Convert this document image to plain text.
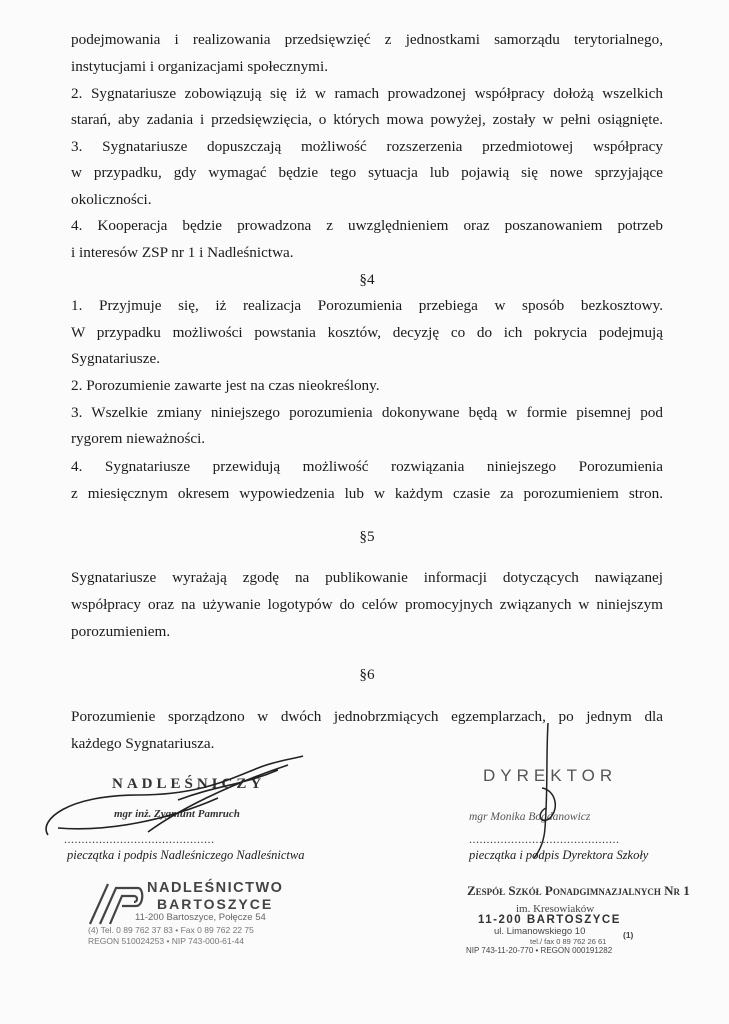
podejmowania i realizowania przedsięwzięć z jednostkami samorządu terytorialnego,
instytucjami i organizacjami społecznymi.
2. Sygnatariusze zobowiązują się iż w ramach prowadzonej współpracy dołożą wszelkich
starań, aby zadania i przedsięwzięcia, o których mowa powyżej, zostały w pełni osiągnięte.
3. Sygnatariusze dopuszczają możliwość rozszerzenia przedmiotowej współpracy
w przypadku, gdy wymagać będzie tego sytuacja lub pojawią się nowe sprzyjające
okoliczności.
4. Kooperacja będzie prowadzona z uwzględnieniem oraz poszanowaniem potrzeb
i interesów ZSP nr 1 i Nadleśnictwa.
§4
1. Przyjmuje się, iż realizacja Porozumienia przebiega w sposób bezkosztowy.
W przypadku możliwości powstania kosztów, decyzję co do ich pokrycia podejmują
Sygnatariusze.
2. Porozumienie zawarte jest na czas nieokreślony.
3. Wszelkie zmiany niniejszego porozumienia dokonywane będą w formie pisemnej pod
rygorem nieważności.
4. Sygnatariusze przewidują możliwość rozwiązania niniejszego Porozumienia
z miesięcznym okresem wypowiedzenia lub w każdym czasie za porozumieniem stron.
§5
Sygnatariusze wyrażają zgodę na publikowanie informacji dotyczących nawiązanej
współpracy oraz na używanie logotypów do celów promocyjnych związanych w niniejszym
porozumieniem.
§6
Porozumienie sporządzono w dwóch jednobrzmiących egzemplarzach, po jednym dla
każdego Sygnatariusza.
NADLEŚNICZY
mgr inż. Zygmunt Pamruch
...........................................
pieczątka i podpis Nadleśniczego Nadleśnictwa
DYREKTOR
mgr Monika Bogdanowicz
...........................................
pieczątka i podpis Dyrektora Szkoły
NADLEŚNICTWO
BARTOSZYCE
11-200 Bartoszyce, Połęcze 54
(4) Tel. 0 89 762 37 83 • Fax 0 89 762 22 75
REGON 510024253 • NIP 743-000-61-44
Zespół Szkół Ponadgimnazjalnych Nr 1
im. Kresowiaków
11-200 BARTOSZYCE
ul. Limanowskiego 10	(1)
tel./ fax 0 89 762 26 61
NIP 743-11-20-770 • REGON 000191282
